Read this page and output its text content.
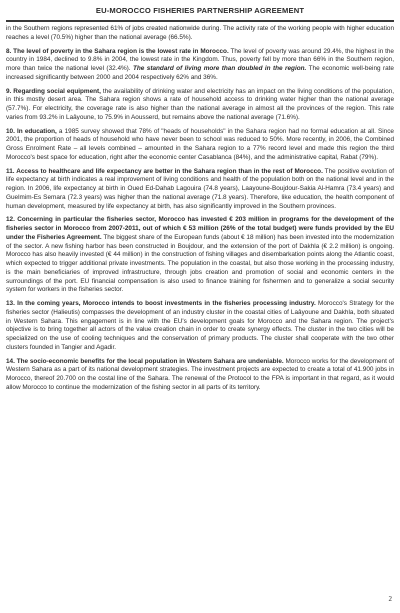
EU-MOROCCO FISHERIES PARTNERSHIP AGREEMENT

in the Southern regions represented 61% of jobs created nationwide during. The activity rate of the working people with higher education reaches a level (70.5%) higher than the national average (66.5%).

8. The level of poverty in the Sahara region is the lowest rate in Morocco. The level of poverty was around 29.4%, the highest in the country in 1984, declined to 9.8% in 2004, the lowest rate in the Kingdom. Thus, poverty fell by more than 66% in the Southern region, more than twice the national level (32.4%). The standard of living more than doubled in the region. The economic well-being rate increased significantly between 2000 and 2004 respectively 62% and 36%.

9. Regarding social equipment, the availability of drinking water and electricity has an impact on the living conditions of the population, in this mostly desert area. The Sahara region shows a rate of household access to drinking water higher than the national average (57.7%). For electricity, the coverage rate is also higher than the national average in almost all the provinces of the region. This rate varies from 93.2% in Laâyoune, to 75.9% in Aousserd, but remains above the national average (71.6%).

10. In education, a 1985 survey showed that 78% of "heads of households" in the Sahara region had no formal education at all. Since 2001, the proportion of heads of household who have never been to school was reduced to 50%. More recently, in 2006, the Combined Gross Enrolment Rate – all levels combined – amounted in the Sahara region to a 77% record level and made this region the third Morocco's best space for education, right after the economic center Casablanca (84%), and the administrative capital, Rabat (79%).

11. Access to healthcare and life expectancy are better in the Sahara region than in the rest of Morocco. The positive evolution of life expectancy at birth indicates a real improvement of living conditions and health of the population both on the national level and in the region. In 2006, life expectancy at birth in Oued Ed-Dahab Lagouira (74.8 years), Laayoune-Boujdour-Sakia Al-Hamra (73.4 years) and Guelmim-Es Semara (72.3 years) was higher than the national average (71.8 years). Therefore, like education, the health component of human development, measured by life expectancy at birth, has also significantly improved in the Southern provinces.

12. Concerning in particular the fisheries sector, Morocco has invested € 203 million in programs for the development of the fisheries sector in Morocco from 2007-2011, out of which € 53 million (26% of the total budget) were funds provided by the EU under the Fisheries Agreement. The biggest share of the European funds (about € 18 million) has been invested into the modernization of the sector. A new fishing harbor has been constructed in Boujdour, and the extension of the port of Dakhla (€ 2.2 million) is ongoing. Morocco has also heavily invested (€ 44 million) in the construction of fishing villages and disembarkation points along the Atlantic coast, which expected to trigger additional private investments. The population in the coastal, but also those working in the processing industry, is the main beneficiaries of improved infrastructure, through jobs creation and promotion of social and economic centers in the surroundings of the port. EU financial compensation is also used to finance training for fishermen and to generalize a social security system for workers in the fisheries sector.

13. In the coming years, Morocco intends to boost investments in the fisheries processing industry. Morocco's Strategy for the fisheries sector (Halieutis) compasses the development of an industry cluster in the coastal cities of Laâyoune and Dakhla, both situated in Western Sahara. This engagement is in line with the EU's development goals for Morocco and the Sahara region. The project's objective is to bring together all actors of the value creation chain in order to create synergy effects. The cluster in the two cities will be specialized on the use of cooling techniques and the conservation of primary products. The cluster shall cooperate with the two other clusters founded in Tangier and Agadir.

14. The socio-economic benefits for the local population in Western Sahara are undeniable. Morocco works for the development of Western Sahara as a part of its national development strategies. The investment projects are expected to create a total of 41.900 jobs in Morocco, thereof 20.700 on the costal line of the Sahara. The renewal of the Protocol to the FPA is important in that regard, as it would allow Morocco to continue the modernization of the fishing sector in all parts of its territory.

2
